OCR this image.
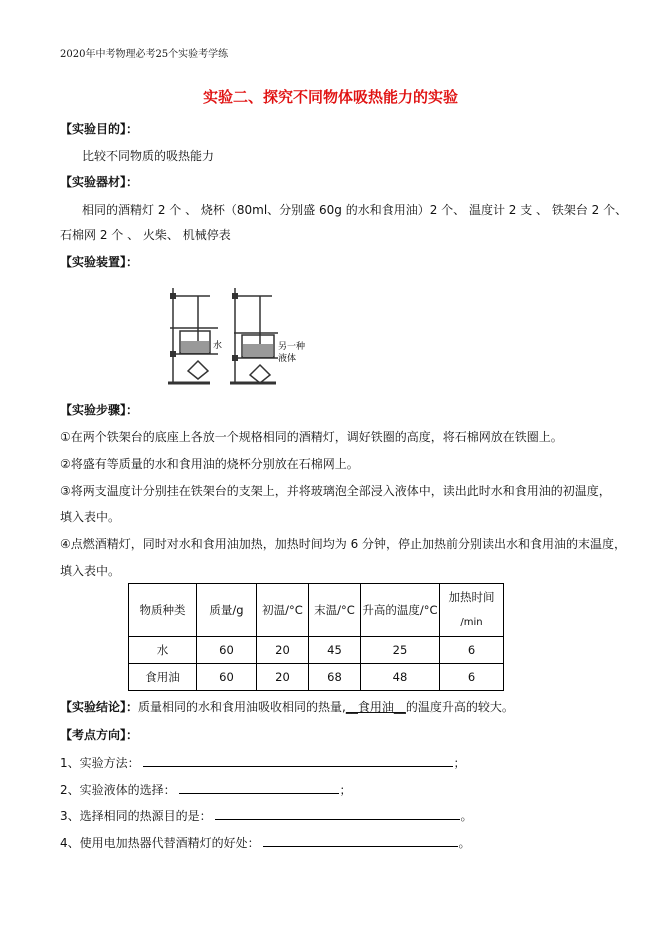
2020年中考物理必考25个实验考学练
实验二、探究不同物体吸热能力的实验
【实验目的】：
比较不同物质的吸热能力
【实验器材】：
相同的酒精灯 2 个 、 烧杯（80ml、分别盛 60g 的水和食用油）2 个、 温度计 2 支 、 铁架台 2 个、
石棉网 2 个 、 火柴、 机械停表
【实验装置】：
水	另一种
液体
【实验步骤】：
①在两个铁架台的底座上各放一个规格相同的酒精灯，调好铁圈的高度，将石棉网放在铁圈上。
②将盛有等质量的水和食用油的烧杯分别放在石棉网上。
③将两支温度计分别挂在铁架台的支架上，并将玻璃泡全部浸入液体中，读出此时水和食用油的初温度，
填入表中。
④点燃酒精灯，同时对水和食用油加热，加热时间均为 6 分钟，停止加热前分别读出水和食用油的末温度，
填入表中。
物质种类	质量/g	初温/°C	末温/°C	升高的温度/°C	加热时间
/min

水	60	20	45	25	6
食用油	60	20	68	48	6
【实验结论】：质量相同的水和食用油吸收相同的热量,__食用油__的温度升高的较大。
【考点方向】：
1、实验方法：	；
2、实验液体的选择：	；
3、选择相同的热源目的是：	。
4、使用电加热器代替酒精灯的好处：	。
